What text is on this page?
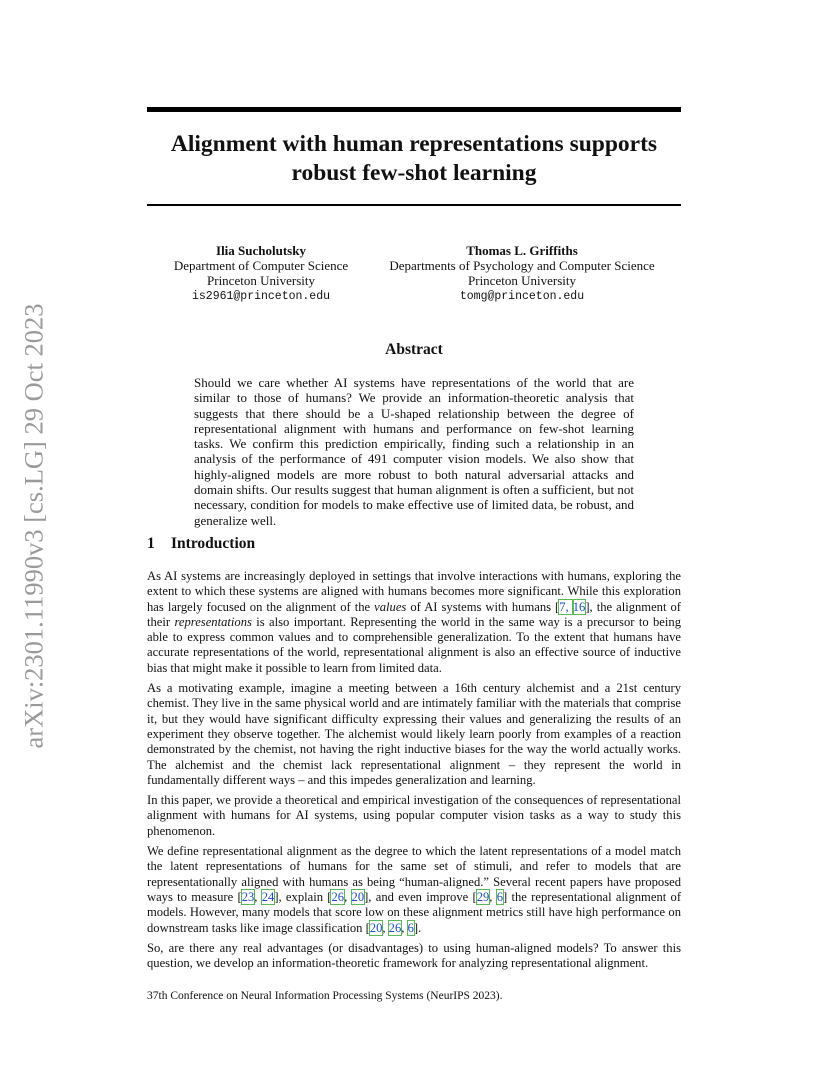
arXiv:2301.11990v3 [cs.LG] 29 Oct 2023
Alignment with human representations supports
robust few-shot learning
Ilia Sucholutsky
Department of Computer Science
Princeton University
is2961@princeton.edu
Thomas L. Griffiths
Departments of Psychology and Computer Science
Princeton University
tomg@princeton.edu
Abstract

Should we care whether AI systems have representations of the world that are similar to those of humans? We provide an information-theoretic analysis that suggests that there should be a U-shaped relationship between the degree of representational alignment with humans and performance on few-shot learning tasks. We confirm this prediction empirically, finding such a relationship in an analysis of the performance of 491 computer vision models. We also show that highly-aligned models are more robust to both natural adversarial attacks and domain shifts. Our results suggest that human alignment is often a sufficient, but not necessary, condition for models to make effective use of limited data, be robust, and generalize well.

1 Introduction

As AI systems are increasingly deployed in settings that involve interactions with humans, exploring the extent to which these systems are aligned with humans becomes more significant. While this exploration has largely focused on the alignment of the values of AI systems with humans [7, 16], the alignment of their representations is also important. Representing the world in the same way is a precursor to being able to express common values and to comprehensible generalization. To the extent that humans have accurate representations of the world, representational alignment is also an effective source of inductive bias that might make it possible to learn from limited data.

As a motivating example, imagine a meeting between a 16th century alchemist and a 21st century chemist. They live in the same physical world and are intimately familiar with the materials that comprise it, but they would have significant difficulty expressing their values and generalizing the results of an experiment they observe together. The alchemist would likely learn poorly from examples of a reaction demonstrated by the chemist, not having the right inductive biases for the way the world actually works. The alchemist and the chemist lack representational alignment – they represent the world in fundamentally different ways – and this impedes generalization and learning.

In this paper, we provide a theoretical and empirical investigation of the consequences of representational alignment with humans for AI systems, using popular computer vision tasks as a way to study this phenomenon.

We define representational alignment as the degree to which the latent representations of a model match the latent representations of humans for the same set of stimuli, and refer to models that are representationally aligned with humans as being “human-aligned.” Several recent papers have proposed ways to measure [23, 24], explain [26, 20], and even improve [29, 6] the representational alignment of models. However, many models that score low on these alignment metrics still have high performance on downstream tasks like image classification [20, 26, 6].

So, are there any real advantages (or disadvantages) to using human-aligned models? To answer this question, we develop an information-theoretic framework for analyzing representational alignment.

37th Conference on Neural Information Processing Systems (NeurIPS 2023).
